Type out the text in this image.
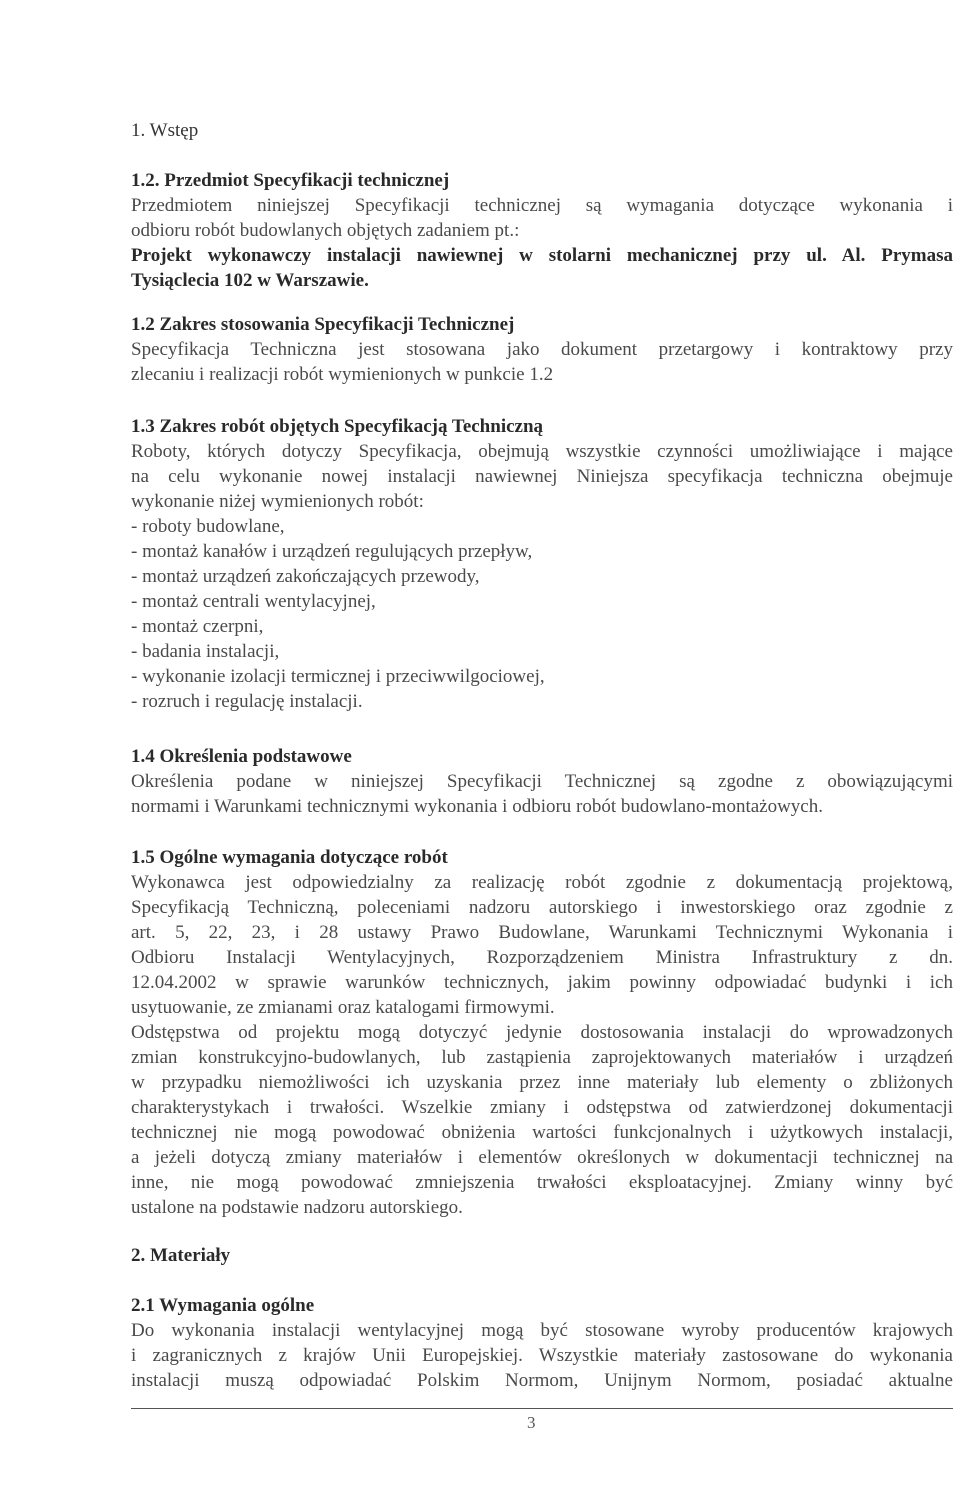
1. Wstęp
1.2. Przedmiot Specyfikacji technicznej
Przedmiotem niniejszej Specyfikacji technicznej są wymagania dotyczące wykonania i
odbioru robót budowlanych objętych zadaniem pt.:
Projekt wykonawczy instalacji nawiewnej w stolarni mechanicznej przy ul. Al. Prymasa
Tysiąclecia 102 w Warszawie.
1.2 Zakres stosowania Specyfikacji Technicznej
Specyfikacja Techniczna jest stosowana jako dokument przetargowy i kontraktowy przy
zlecaniu i realizacji robót wymienionych w punkcie 1.2
1.3 Zakres robót objętych Specyfikacją Techniczną
Roboty, których dotyczy Specyfikacja, obejmują wszystkie czynności umożliwiające i mające
na celu wykonanie nowej instalacji nawiewnej Niniejsza specyfikacja techniczna obejmuje
wykonanie niżej wymienionych robót:
- roboty budowlane,
- montaż kanałów i urządzeń regulujących przepływ,
- montaż urządzeń zakończających przewody,
- montaż centrali wentylacyjnej,
- montaż czerpni,
- badania instalacji,
- wykonanie izolacji termicznej i przeciwwilgociowej,
- rozruch i regulację instalacji.
1.4 Określenia podstawowe
Określenia podane w niniejszej Specyfikacji Technicznej są zgodne z obowiązującymi
normami i Warunkami technicznymi wykonania i odbioru robót budowlano-montażowych.
1.5 Ogólne wymagania dotyczące robót
Wykonawca jest odpowiedzialny za realizację robót zgodnie z dokumentacją projektową,
Specyfikacją Techniczną, poleceniami nadzoru autorskiego i inwestorskiego oraz zgodnie z
art. 5, 22, 23, i 28 ustawy Prawo Budowlane, Warunkami Technicznymi Wykonania i
Odbioru Instalacji Wentylacyjnych, Rozporządzeniem Ministra Infrastruktury z dn.
12.04.2002 w sprawie warunków technicznych, jakim powinny odpowiadać budynki i ich
usytuowanie, ze zmianami oraz katalogami firmowymi.
Odstępstwa od projektu mogą dotyczyć jedynie dostosowania instalacji do wprowadzonych
zmian konstrukcyjno-budowlanych, lub zastąpienia zaprojektowanych materiałów i urządzeń
w przypadku niemożliwości ich uzyskania przez inne materiały lub elementy o zbliżonych
charakterystykach i trwałości. Wszelkie zmiany i odstępstwa od zatwierdzonej dokumentacji
technicznej nie mogą powodować obniżenia wartości funkcjonalnych i użytkowych instalacji,
a jeżeli dotyczą zmiany materiałów i elementów określonych w dokumentacji technicznej na
inne, nie mogą powodować zmniejszenia trwałości eksploatacyjnej. Zmiany winny być
ustalone na podstawie nadzoru autorskiego.
2. Materiały
2.1 Wymagania ogólne
Do wykonania instalacji wentylacyjnej mogą być stosowane wyroby producentów krajowych
i zagranicznych z krajów Unii Europejskiej. Wszystkie materiały zastosowane do wykonania
instalacji muszą odpowiadać Polskim Normom, Unijnym Normom, posiadać aktualne
3
